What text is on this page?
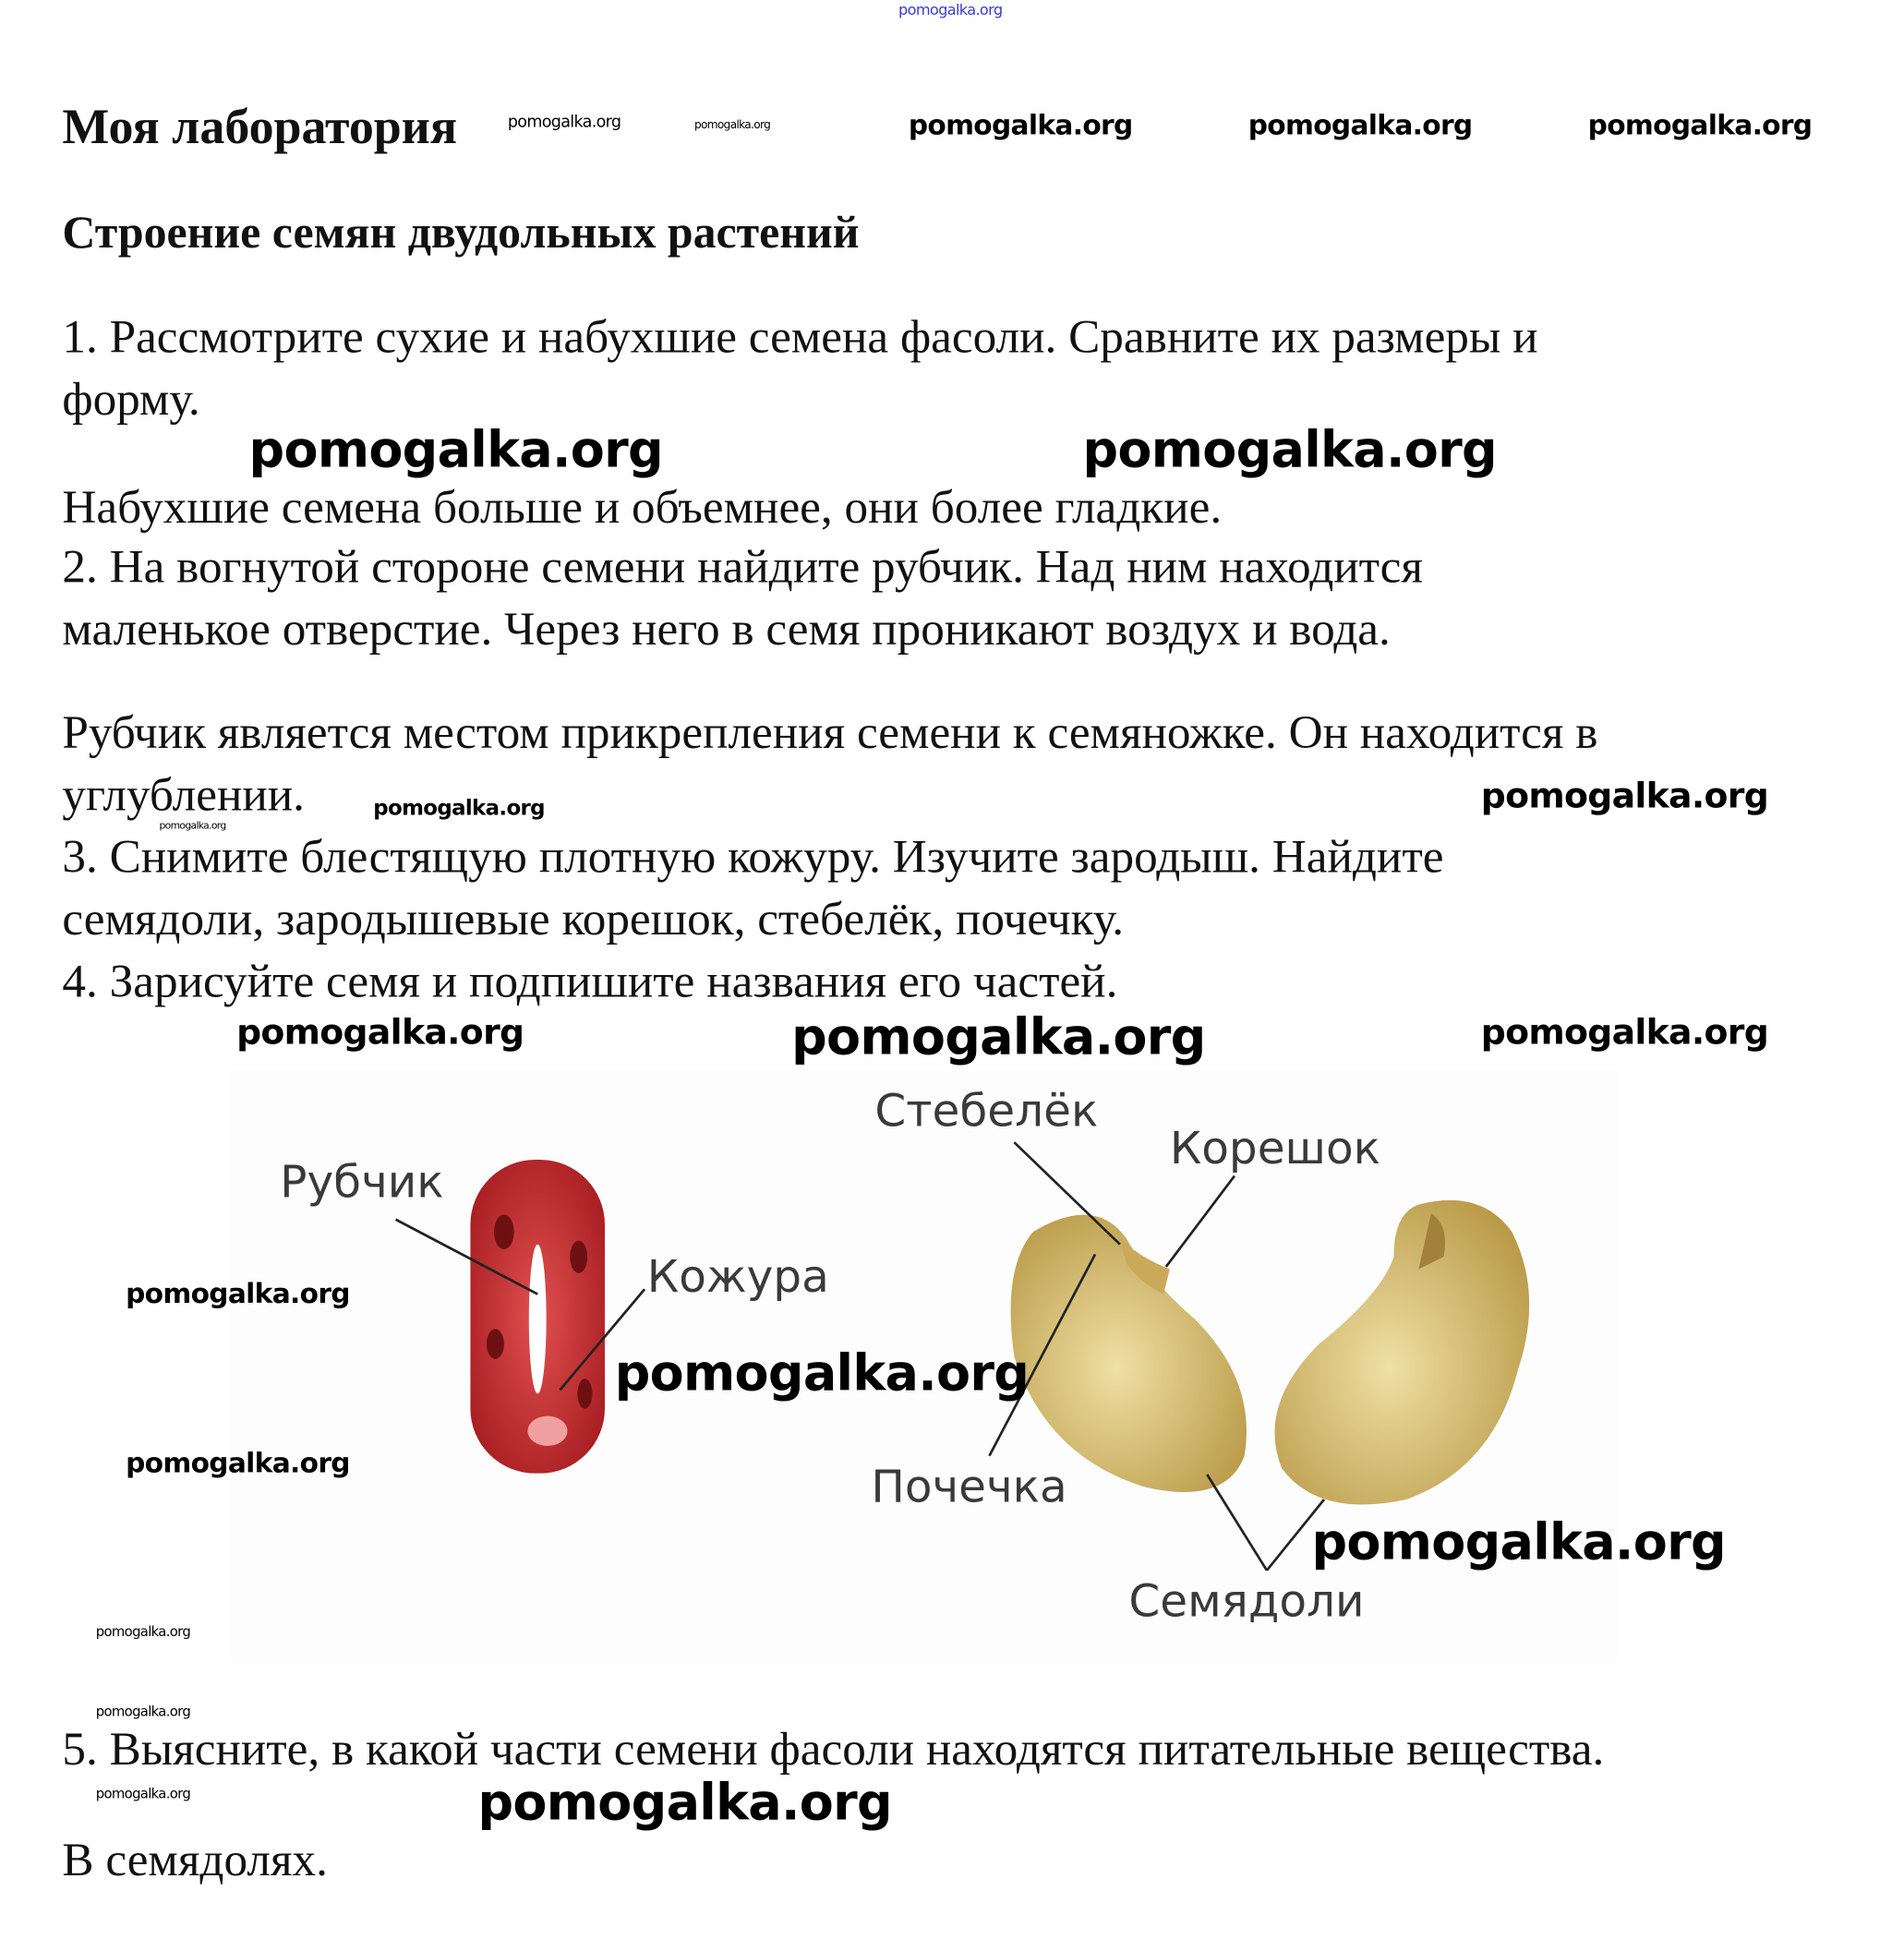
pomogalka.org
Моя лаборатория	pomogalka.org	pomogalka.org	pomogalka.org	pomogalka.org	pomogalka.org
Строение семян двудольных растений
1. Рассмотрите сухие и набухшие семена фасоли. Сравните их размеры и
форму.
pomogalka.org	pomogalka.org
Набухшие семена больше и объемнее, они более гладкие.
2. На вогнутой стороне семени найдите рубчик. Над ним находится
маленькое отверстие. Через него в семя проникают воздух и вода.
Рубчик является местом прикрепления семени к семяножке. Он находится в
углублении.
pomogalka.org
pomogalka.org	pomogalka.org
3. Снимите блестящую плотную кожуру. Изучите зародыш. Найдите
семядоли, зародышевые корешок, стебелёк, почечку.
4. Зарисуйте семя и подпишите названия его частей.
Рубчик
Кожура
Стебелёк
Корешок
Почечка
Семядоли
pomogalka.org	pomogalka.org	pomogalka.org
pomogalka.org
pomogalka.org
pomogalka.org
pomogalka.org
pomogalka.org
pomogalka.org
5. Выясните, в какой части семени фасоли находятся питательные вещества.
pomogalka.org	pomogalka.org
В семядолях.
